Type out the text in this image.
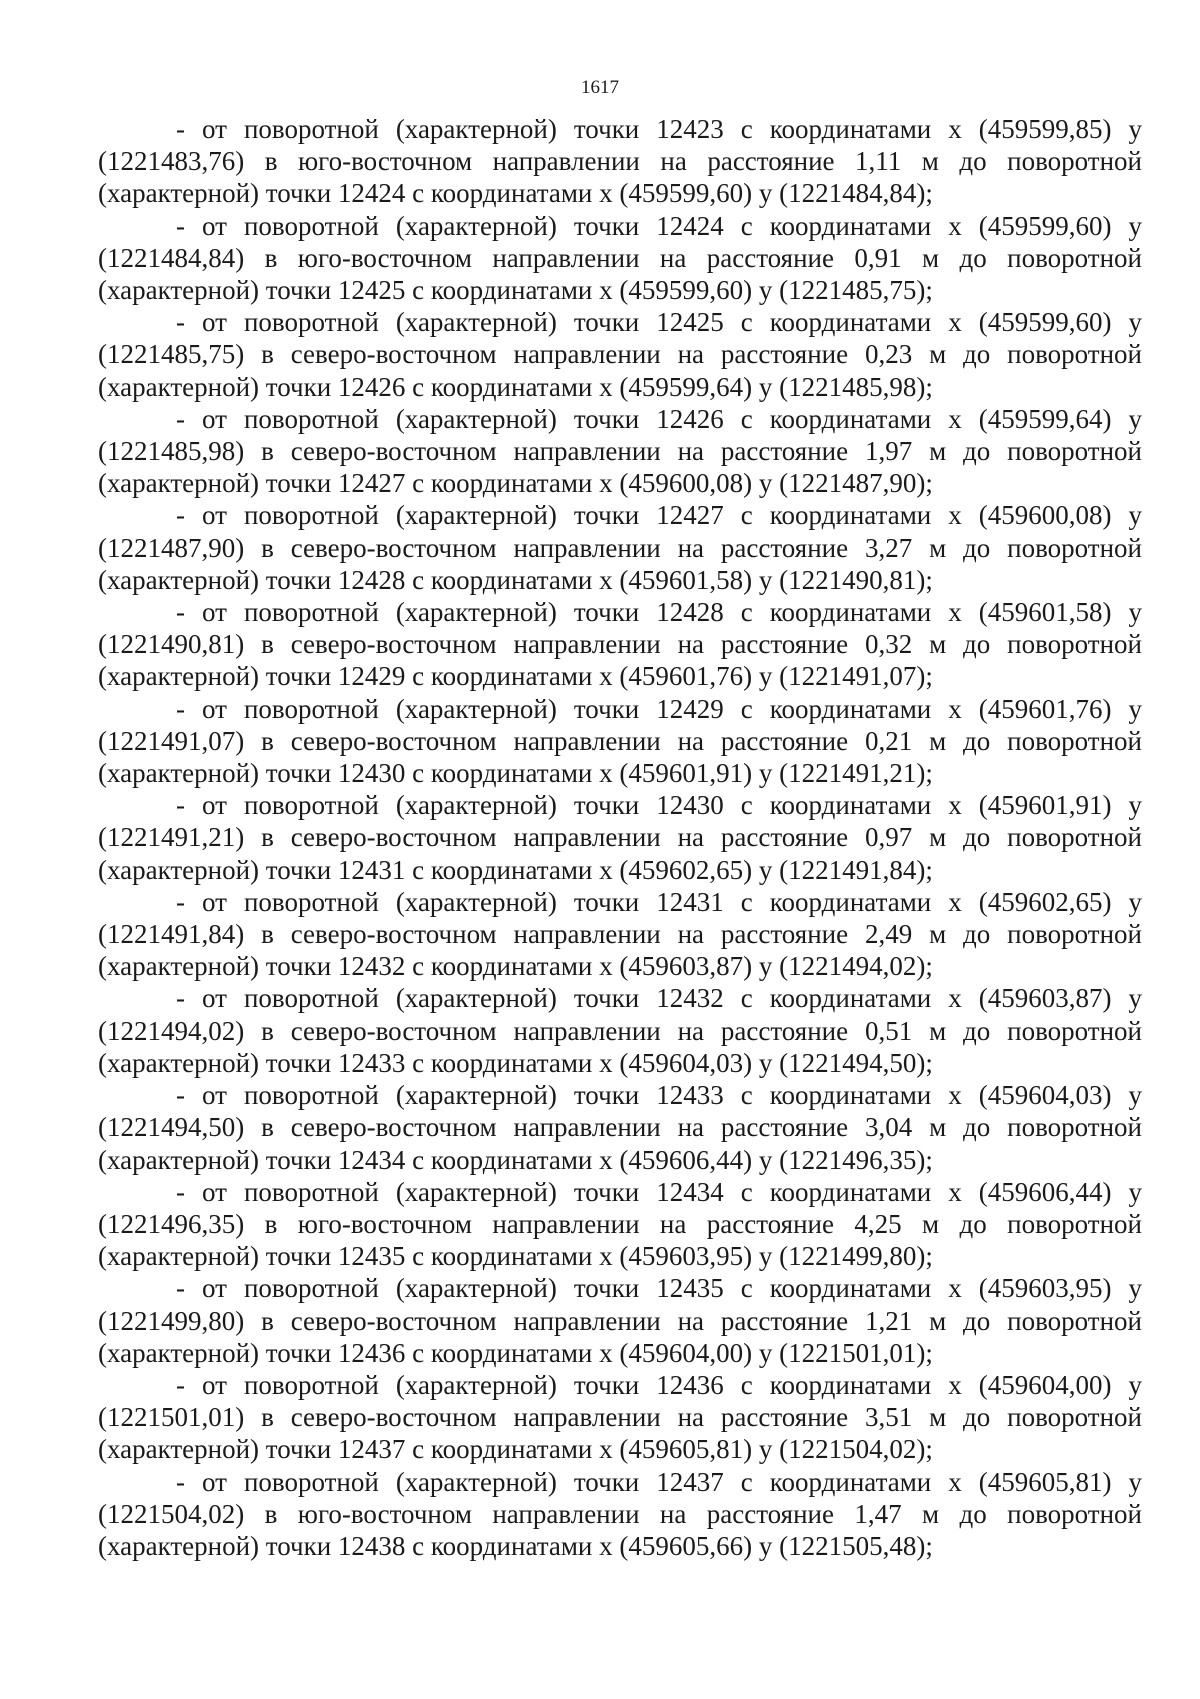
1617

- от поворотной (характерной) точки 12423 с координатами х (459599,85) у (1221483,76) в юго-восточном направлении на расстояние 1,11 м до поворотной (характерной) точки 12424 с координатами х (459599,60) у (1221484,84);

- от поворотной (характерной) точки 12424 с координатами х (459599,60) у (1221484,84) в юго-восточном направлении на расстояние 0,91 м до поворотной (характерной) точки 12425 с координатами х (459599,60) у (1221485,75);

- от поворотной (характерной) точки 12425 с координатами х (459599,60) у (1221485,75) в северо-восточном направлении на расстояние 0,23 м до поворотной (характерной) точки 12426 с координатами х (459599,64) у (1221485,98);

- от поворотной (характерной) точки 12426 с координатами х (459599,64) у (1221485,98) в северо-восточном направлении на расстояние 1,97 м до поворотной (характерной) точки 12427 с координатами х (459600,08) у (1221487,90);

- от поворотной (характерной) точки 12427 с координатами х (459600,08) у (1221487,90) в северо-восточном направлении на расстояние 3,27 м до поворотной (характерной) точки 12428 с координатами х (459601,58) у (1221490,81);

- от поворотной (характерной) точки 12428 с координатами х (459601,58) у (1221490,81) в северо-восточном направлении на расстояние 0,32 м до поворотной (характерной) точки 12429 с координатами х (459601,76) у (1221491,07);

- от поворотной (характерной) точки 12429 с координатами х (459601,76) у (1221491,07) в северо-восточном направлении на расстояние 0,21 м до поворотной (характерной) точки 12430 с координатами х (459601,91) у (1221491,21);

- от поворотной (характерной) точки 12430 с координатами х (459601,91) у (1221491,21) в северо-восточном направлении на расстояние 0,97 м до поворотной (характерной) точки 12431 с координатами х (459602,65) у (1221491,84);

- от поворотной (характерной) точки 12431 с координатами х (459602,65) у (1221491,84) в северо-восточном направлении на расстояние 2,49 м до поворотной (характерной) точки 12432 с координатами х (459603,87) у (1221494,02);

- от поворотной (характерной) точки 12432 с координатами х (459603,87) у (1221494,02) в северо-восточном направлении на расстояние 0,51 м до поворотной (характерной) точки 12433 с координатами х (459604,03) у (1221494,50);

- от поворотной (характерной) точки 12433 с координатами х (459604,03) у (1221494,50) в северо-восточном направлении на расстояние 3,04 м до поворотной (характерной) точки 12434 с координатами х (459606,44) у (1221496,35);

- от поворотной (характерной) точки 12434 с координатами х (459606,44) у (1221496,35) в юго-восточном направлении на расстояние 4,25 м до поворотной (характерной) точки 12435 с координатами х (459603,95) у (1221499,80);

- от поворотной (характерной) точки 12435 с координатами х (459603,95) у (1221499,80) в северо-восточном направлении на расстояние 1,21 м до поворотной (характерной) точки 12436 с координатами х (459604,00) у (1221501,01);

- от поворотной (характерной) точки 12436 с координатами х (459604,00) у (1221501,01) в северо-восточном направлении на расстояние 3,51 м до поворотной (характерной) точки 12437 с координатами х (459605,81) у (1221504,02);

- от поворотной (характерной) точки 12437 с координатами х (459605,81) у (1221504,02) в юго-восточном направлении на расстояние 1,47 м до поворотной (характерной) точки 12438 с координатами х (459605,66) у (1221505,48);
